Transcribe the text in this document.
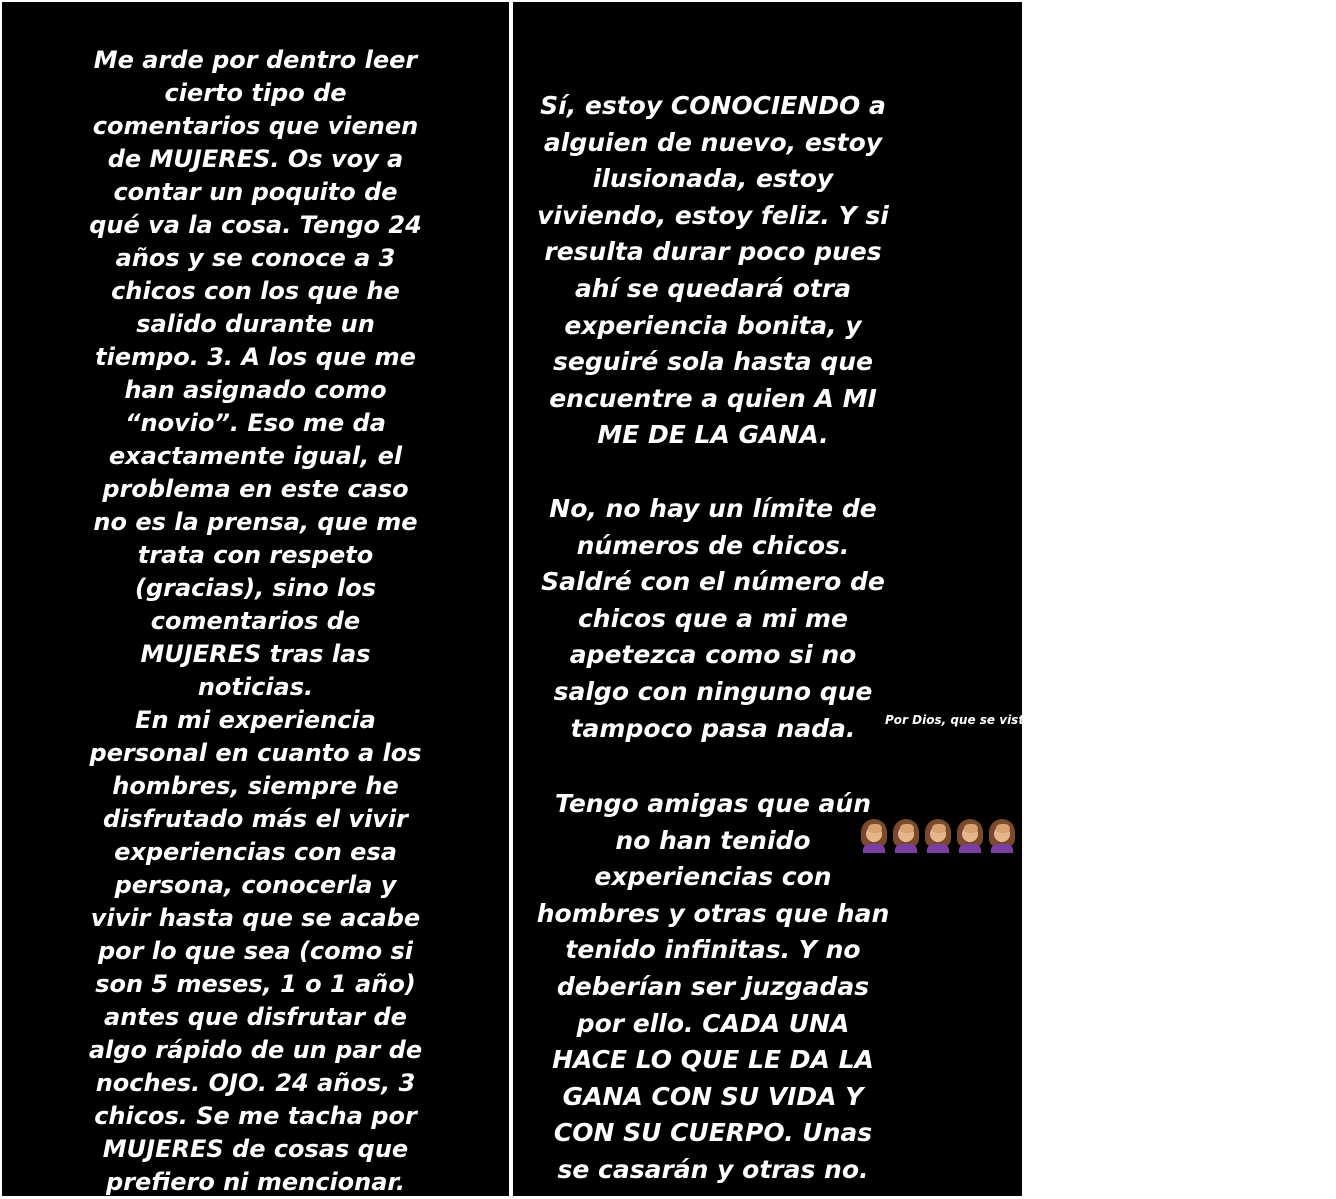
Me arde por dentro leer
cierto tipo de
comentarios que vienen
de MUJERES. Os voy a
contar un poquito de
qué va la cosa. Tengo 24
años y se conoce a 3
chicos con los que he
salido durante un
tiempo. 3. A los que me
han asignado como
“novio”. Eso me da
exactamente igual, el
problema en este caso
no es la prensa, que me
trata con respeto
(gracias), sino los
comentarios de
MUJERES tras las
noticias.
En mi experiencia
personal en cuanto a los
hombres, siempre he
disfrutado más el vivir
experiencias con esa
persona, conocerla y
vivir hasta que se acabe
por lo que sea (como si
son 5 meses, 1 o 1 año)
antes que disfrutar de
algo rápido de un par de
noches. OJO. 24 años, 3
chicos. Se me tacha por
MUJERES de cosas que
prefiero ni mencionar.
Sí, estoy CONOCIENDO a
alguien de nuevo, estoy
ilusionada, estoy
viviendo, estoy feliz. Y si
resulta durar poco pues
ahí se quedará otra
experiencia bonita, y
seguiré sola hasta que
encuentre a quien A MI
ME DE LA GANA.
No, no hay un límite de
números de chicos.
Saldré con el número de
chicos que a mi me
apetezca como si no
salgo con ninguno que
tampoco pasa nada.
Tengo amigas que aún
no han tenido
experiencias con
hombres y otras que han
tenido infinitas. Y no
deberían ser juzgadas
por ello. CADA UNA
HACE LO QUE LE DA LA
GANA CON SU VIDA Y
CON SU CUERPO. Unas
se casarán y otras no.
Por Dios, que se visto PASEANDO chico un AÑO d de mi última “rel
